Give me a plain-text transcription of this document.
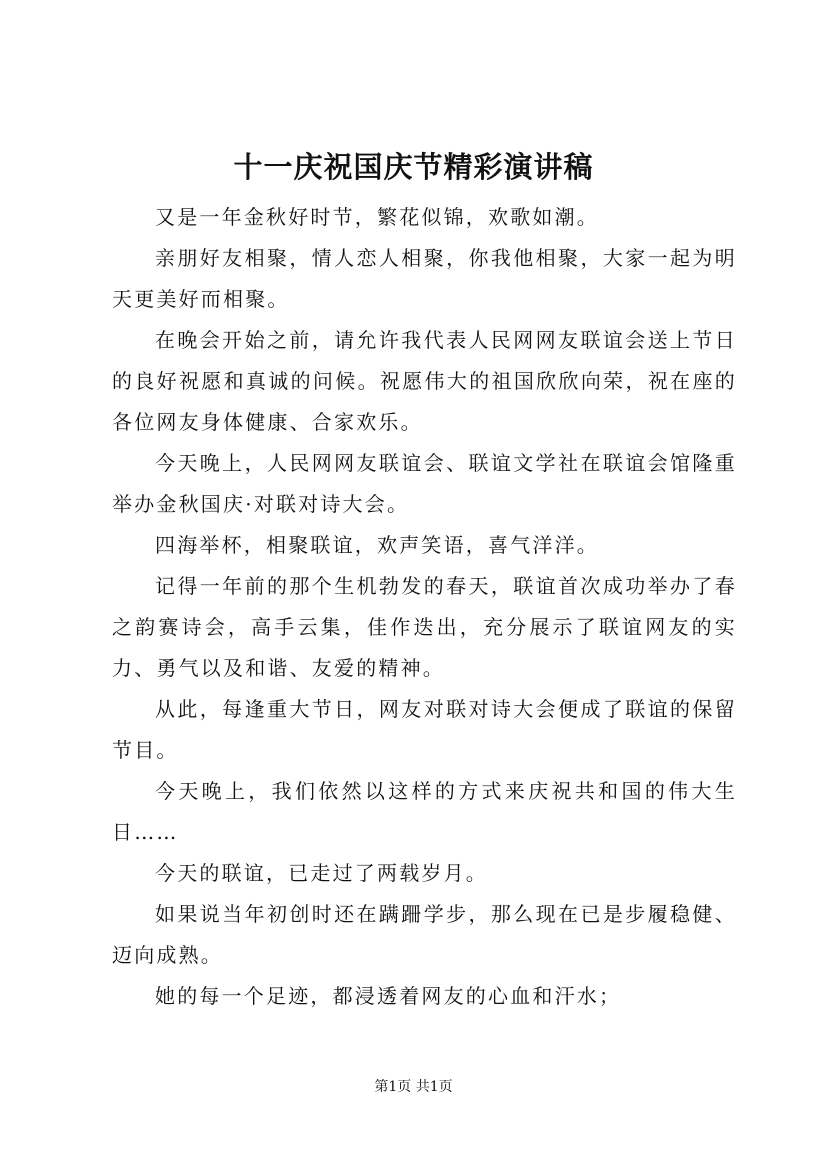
十一庆祝国庆节精彩演讲稿

又是一年金秋好时节，繁花似锦，欢歌如潮。

亲朋好友相聚，情人恋人相聚，你我他相聚，大家一起为明天更美好而相聚。

在晚会开始之前，请允许我代表人民网网友联谊会送上节日的良好祝愿和真诚的问候。祝愿伟大的祖国欣欣向荣，祝在座的各位网友身体健康、合家欢乐。

今天晚上，人民网网友联谊会、联谊文学社在联谊会馆隆重举办金秋国庆·对联对诗大会。

四海举杯，相聚联谊，欢声笑语，喜气洋洋。

记得一年前的那个生机勃发的春天，联谊首次成功举办了春之韵赛诗会，高手云集，佳作迭出，充分展示了联谊网友的实力、勇气以及和谐、友爱的精神。

从此，每逢重大节日，网友对联对诗大会便成了联谊的保留节目。

今天晚上，我们依然以这样的方式来庆祝共和国的伟大生日……

今天的联谊，已走过了两载岁月。

如果说当年初创时还在蹒跚学步，那么现在已是步履稳健、迈向成熟。

她的每一个足迹，都浸透着网友的心血和汗水；

第1页 共1页
